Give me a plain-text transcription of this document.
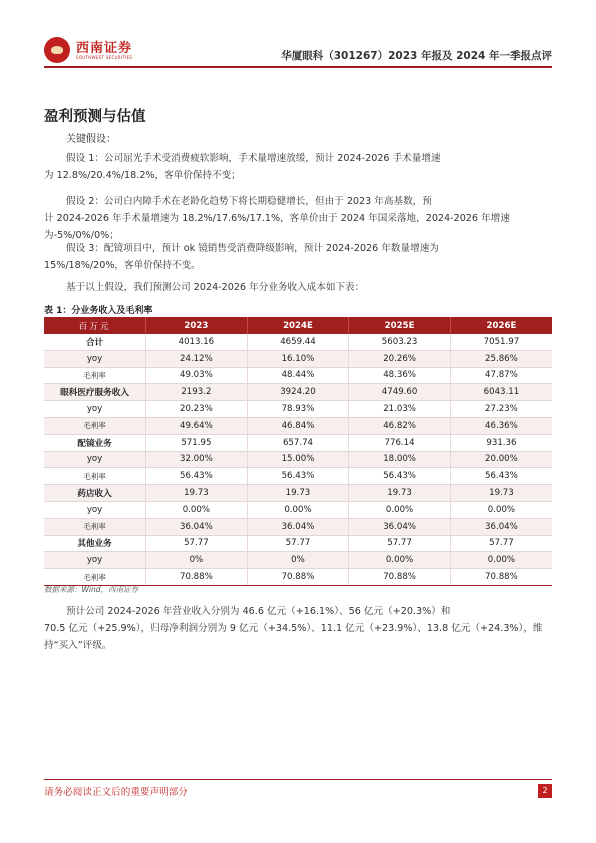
西南证券
SOUTHWEST SECURITIES	华厦眼科（301267）2023 年报及 2024 年一季报点评
盈利预测与估值
关键假设：
假设 1：公司屈光手术受消费疲软影响，手术量增速放缓，预计 2024-2026 手术量增速
为 12.8%/20.4%/18.2%，客单价保持不变；
假设 2：公司白内障手术在老龄化趋势下将长期稳健增长，但由于 2023 年高基数，预
计 2024-2026 年手术量增速为 18.2%/17.6%/17.1%，客单价由于 2024 年国采落地，2024-2026 年增速为-5%/0%/0%；
假设 3：配镜项目中，预计 ok 镜销售受消费降级影响，预计 2024-2026 年数量增速为
15%/18%/20%，客单价保持不变。
基于以上假设，我们预测公司 2024-2026 年分业务收入成本如下表：
表 1：分业务收入及毛利率
百万元	2023	2024E	2025E	2026E
合计	4013.16	4659.44	5603.23	7051.97
yoy	24.12%	16.10%	20.26%	25.86%
毛利率	49.03%	48.44%	48.36%	47.87%
眼科医疗服务收入	2193.2	3924.20	4749.60	6043.11
yoy	20.23%	78.93%	21.03%	27.23%
毛利率	49.64%	46.84%	46.82%	46.36%
配镜业务	571.95	657.74	776.14	931.36
yoy	32.00%	15.00%	18.00%	20.00%
毛利率	56.43%	56.43%	56.43%	56.43%
药店收入	19.73	19.73	19.73	19.73
yoy	0.00%	0.00%	0.00%	0.00%
毛利率	36.04%	36.04%	36.04%	36.04%
其他业务	57.77	57.77	57.77	57.77
yoy	0%	0%	0.00%	0.00%
毛利率	70.88%	70.88%	70.88%	70.88%
数据来源：Wind，西南证券
预计公司 2024-2026 年营业收入分别为 46.6 亿元（+16.1%）、56 亿元（+20.3%）和
70.5 亿元（+25.9%），归母净利润分别为 9 亿元（+34.5%）、11.1 亿元（+23.9%）、13.8 亿元（+24.3%），维持“买入”评级。
请务必阅读正文后的重要声明部分	2
